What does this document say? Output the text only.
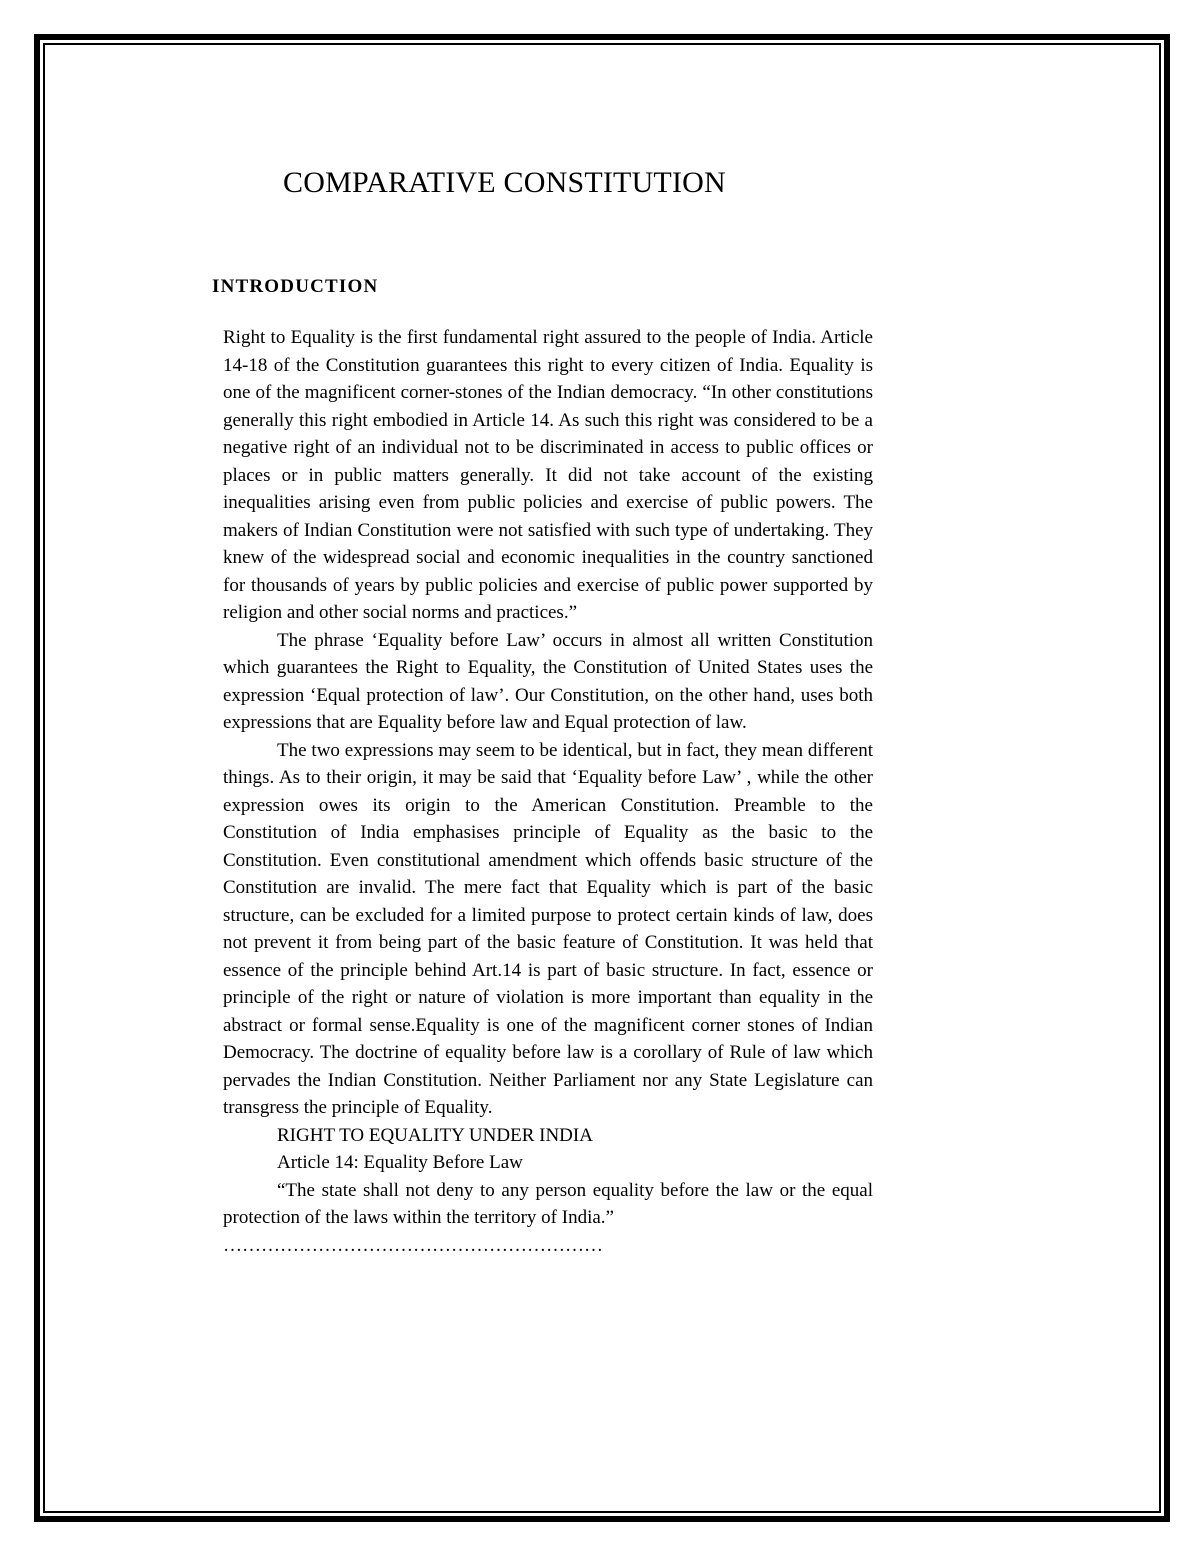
COMPARATIVE CONSTITUTION
INTRODUCTION

Right to Equality is the first fundamental right assured to the people of India. Article 14-18 of the Constitution guarantees this right to every citizen of India. Equality is one of the magnificent corner-stones of the Indian democracy. “In other constitutions generally this right embodied in Article 14. As such this right was considered to be a negative right of an individual not to be discriminated in access to public offices or places or in public matters generally. It did not take account of the existing inequalities arising even from public policies and exercise of public powers. The makers of Indian Constitution were not satisfied with such type of undertaking. They knew of the widespread social and economic inequalities in the country sanctioned for thousands of years by public policies and exercise of public power supported by religion and other social norms and practices.”

The phrase ‘Equality before Law’ occurs in almost all written Constitution which guarantees the Right to Equality, the Constitution of United States uses the expression ‘Equal protection of law’. Our Constitution, on the other hand, uses both expressions that are Equality before law and Equal protection of law.

The two expressions may seem to be identical, but in fact, they mean different things. As to their origin, it may be said that ‘Equality before Law’ , while the other expression owes its origin to the American Constitution. Preamble to the Constitution of India emphasises principle of Equality as the basic to the Constitution. Even constitutional amendment which offends basic structure of the Constitution are invalid. The mere fact that Equality which is part of the basic structure, can be excluded for a limited purpose to protect certain kinds of law, does not prevent it from being part of the basic feature of Constitution. It was held that essence of the principle behind Art.14 is part of basic structure. In fact, essence or principle of the right or nature of violation is more important than equality in the abstract or formal sense.Equality is one of the magnificent corner stones of Indian Democracy. The doctrine of equality before law is a corollary of Rule of law which pervades the Indian Constitution. Neither Parliament nor any State Legislature can transgress the principle of Equality.

RIGHT TO EQUALITY UNDER INDIA

Article 14: Equality Before Law

“The state shall not deny to any person equality before the law or the equal protection of the laws within the territory of India.”

……………………………………………………
